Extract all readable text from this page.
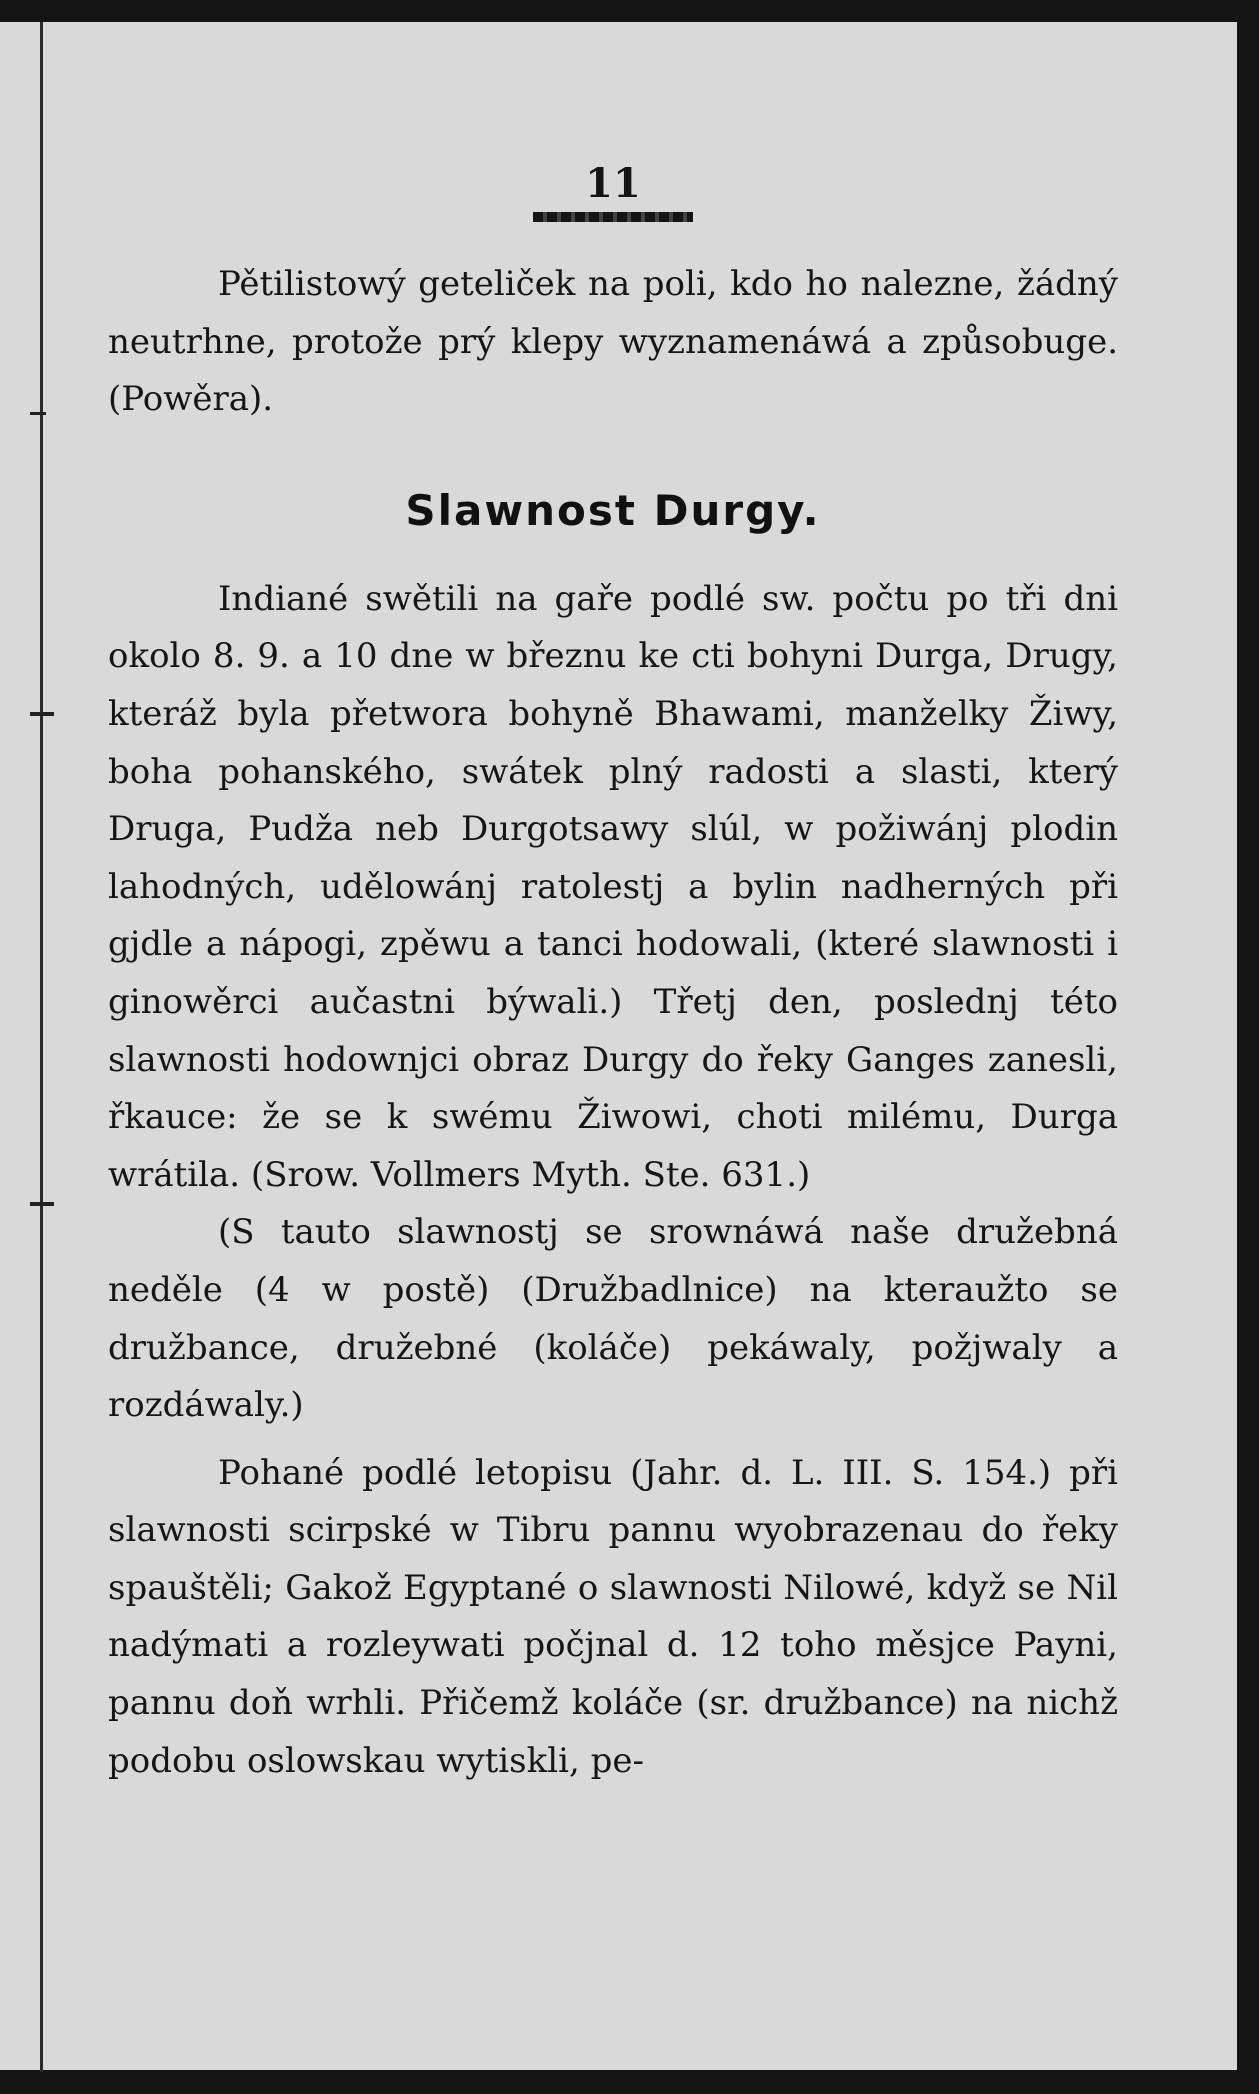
11

Pětilistowý geteliček na poli, kdo ho nalezne, žádný neutrhne, protože prý klepy wyznamenáwá a způsobuge. (Powěra).

Slawnost Durgy.

Indiané swětili na gaře podlé sw. počtu po tři dni okolo 8. 9. a 10 dne w březnu ke cti bohyni Durga, Drugy, kteráž byla přetwora bohyně Bhawami, manželky Žiwy, boha pohanského, swátek plný radosti a slasti, který Druga, Pudža neb Durgotsawy slúl, w požiwánj plodin lahodných, udělowánj ratolestj a bylin nadherných při gjdle a nápogi, zpěwu a tanci hodowali, (které slawnosti i ginowěrci aučastni býwali.) Třetj den, poslednj této slawnosti hodownjci obraz Durgy do řeky Ganges zanesli, řkauce: že se k swému Žiwowi, choti milému, Durga wrátila. (Srow. Vollmers Myth. Ste. 631.)

(S tauto slawnostj se srownáwá naše družebná neděle (4 w postě) (Družbadlnice) na kteraužto se družbance, družebné (koláče) pekáwaly, požjwaly a rozdáwaly.)

Pohané podlé letopisu (Jahr. d. L. III. S. 154.) při slawnosti scirpské w Tibru pannu wyobrazenau do řeky spauštěli; Gakož Egyptané o slawnosti Nilowé, když se Nil nadýmati a rozleywati počjnal d. 12 toho měsjce Payni, pannu doň wrhli. Přičemž koláče (sr. družbance) na nichž podobu oslowskau wytiskli, pe-
